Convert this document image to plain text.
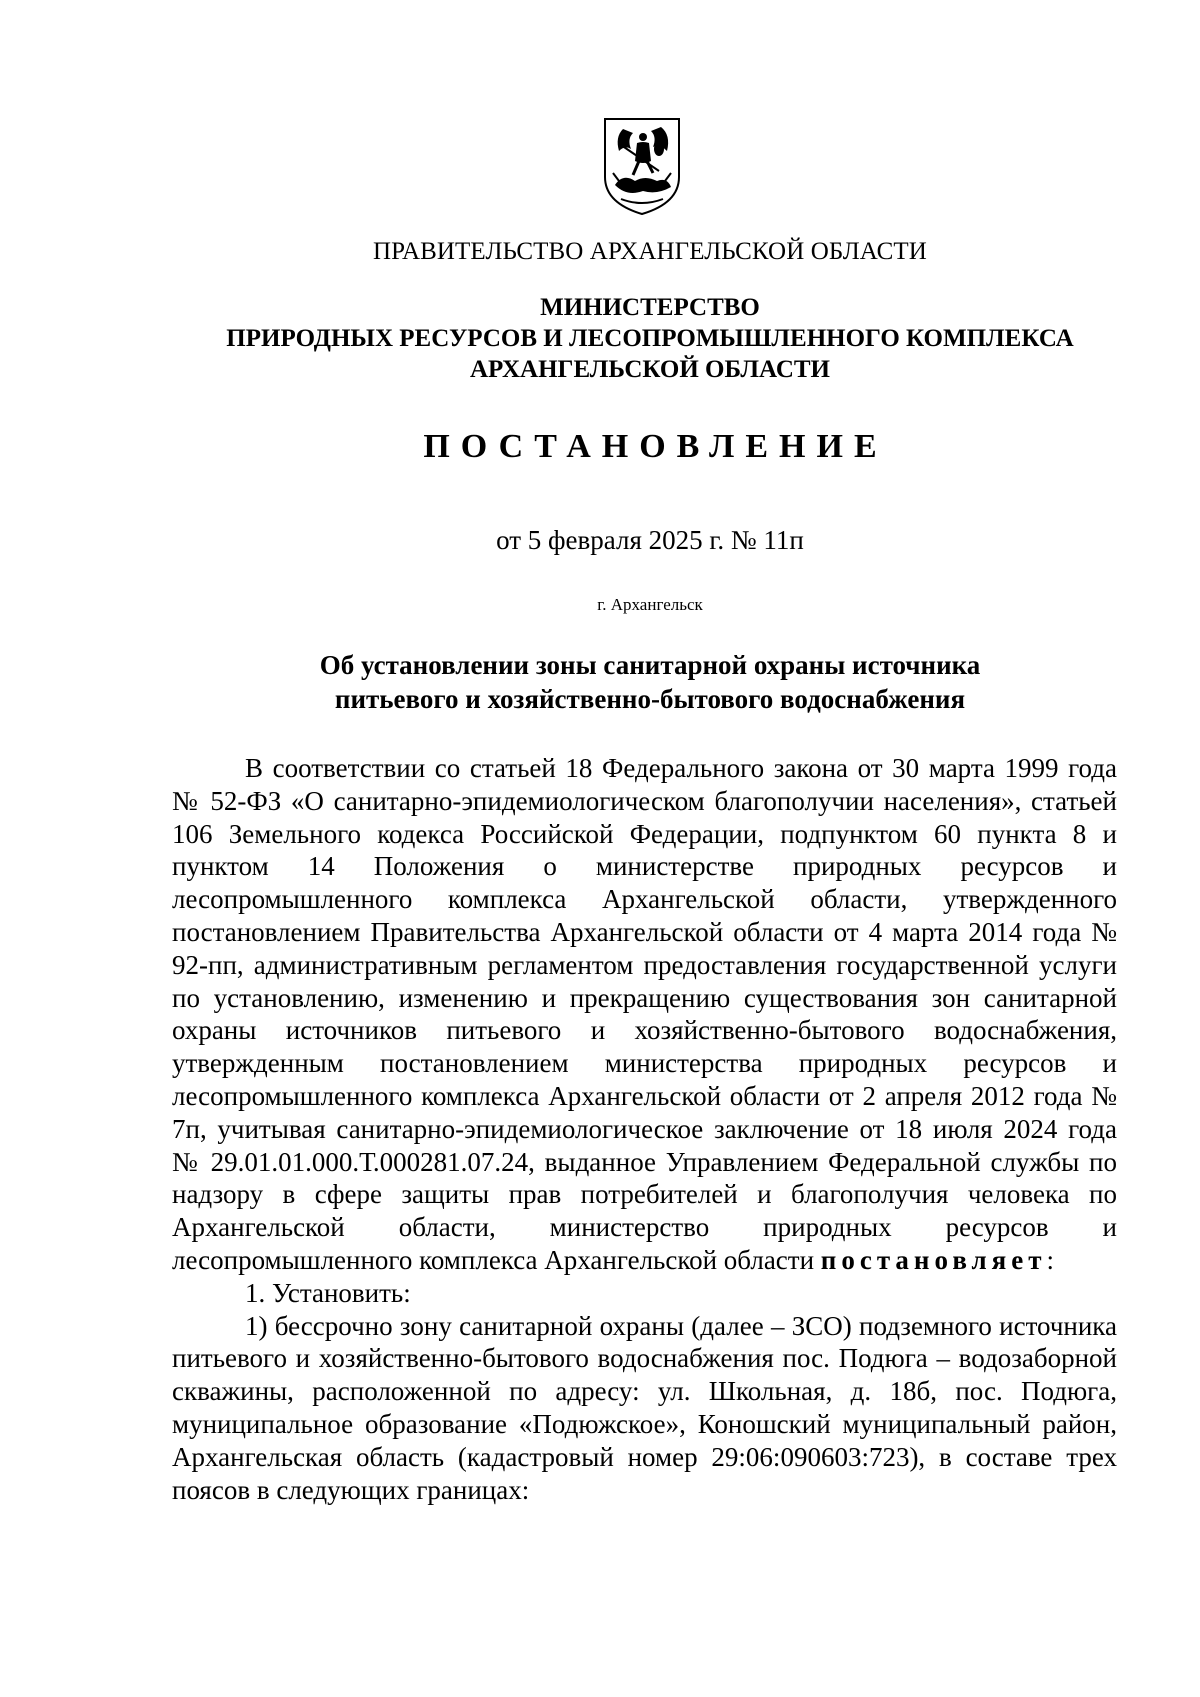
ПРАВИТЕЛЬСТВО АРХАНГЕЛЬСКОЙ ОБЛАСТИ
МИНИСТЕРСТВО
ПРИРОДНЫХ РЕСУРСОВ И ЛЕСОПРОМЫШЛЕННОГО КОМПЛЕКСА
АРХАНГЕЛЬСКОЙ ОБЛАСТИ
ПОСТАНОВЛЕНИЕ
от 5 февраля 2025 г. № 11п
г. Архангельск
Об установлении зоны санитарной охраны источника
питьевого и хозяйственно-бытового водоснабжения

В соответствии со статьей 18 Федерального закона от 30 марта 1999 года № 52-ФЗ «О санитарно-эпидемиологическом благополучии населения», статьей 106 Земельного кодекса Российской Федерации, подпунктом 60 пункта 8 и пунктом 14 Положения о министерстве природных ресурсов и лесопромышленного комплекса Архангельской области, утвержденного постановлением Правительства Архангельской области от 4 марта 2014 года № 92-пп, административным регламентом предоставления государственной услуги по установлению, изменению и прекращению существования зон санитарной охраны источников питьевого и хозяйственно-бытового водоснабжения, утвержденным постановлением министерства природных ресурсов и лесопромышленного комплекса Архангельской области от 2 апреля 2012 года № 7п, учитывая санитарно-эпидемиологическое заключение от 18 июля 2024 года № 29.01.01.000.Т.000281.07.24, выданное Управлением Федеральной службы по надзору в сфере защиты прав потребителей и благополучия человека по Архангельской области, министерство природных ресурсов и лесопромышленного комплекса Архангельской области постановляет:

1. Установить:

1) бессрочно зону санитарной охраны (далее – ЗСО) подземного источника питьевого и хозяйственно-бытового водоснабжения пос. Подюга – водозаборной скважины, расположенной по адресу: ул. Школьная, д. 18б, пос. Подюга, муниципальное образование «Подюжское», Коношский муниципальный район, Архангельская область (кадастровый номер 29:06:090603:723), в составе трех поясов в следующих границах:
